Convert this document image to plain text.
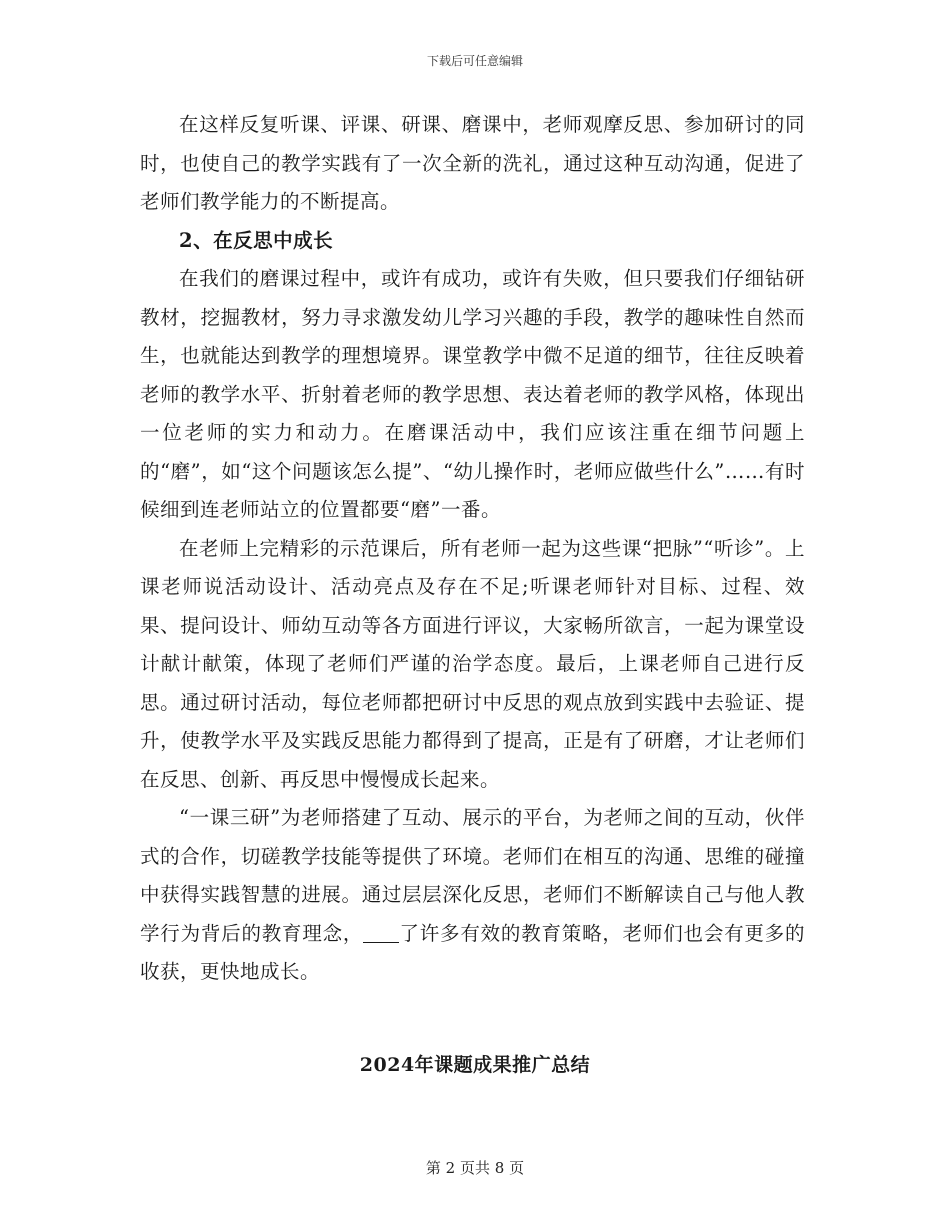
下载后可任意编辑

在这样反复听课、评课、研课、磨课中，老师观摩反思、参加研讨的同时，也使自己的教学实践有了一次全新的洗礼，通过这种互动沟通，促进了老师们教学能力的不断提高。

2、在反思中成长

在我们的磨课过程中，或许有成功，或许有失败，但只要我们仔细钻研教材，挖掘教材，努力寻求激发幼儿学习兴趣的手段，教学的趣味性自然而生，也就能达到教学的理想境界。课堂教学中微不足道的细节，往往反映着老师的教学水平、折射着老师的教学思想、表达着老师的教学风格，体现出一位老师的实力和动力。在磨课活动中，我们应该注重在细节问题上的“磨”，如“这个问题该怎么提”、“幼儿操作时，老师应做些什么”……有时候细到连老师站立的位置都要“磨”一番。

在老师上完精彩的示范课后，所有老师一起为这些课“把脉”“听诊”。上课老师说活动设计、活动亮点及存在不足;听课老师针对目标、过程、效果、提问设计、师幼互动等各方面进行评议，大家畅所欲言，一起为课堂设计献计献策，体现了老师们严谨的治学态度。最后，上课老师自己进行反思。通过研讨活动，每位老师都把研讨中反思的观点放到实践中去验证、提升，使教学水平及实践反思能力都得到了提高，正是有了研磨，才让老师们在反思、创新、再反思中慢慢成长起来。

“一课三研”为老师搭建了互动、展示的平台，为老师之间的互动，伙伴式的合作，切磋教学技能等提供了环境。老师们在相互的沟通、思维的碰撞中获得实践智慧的进展。通过层层深化反思，老师们不断解读自己与他人教学行为背后的教育理念， 了许多有效的教育策略，老师们也会有更多的收获，更快地成长。

2024年课题成果推广总结
第 2 页共 8 页
